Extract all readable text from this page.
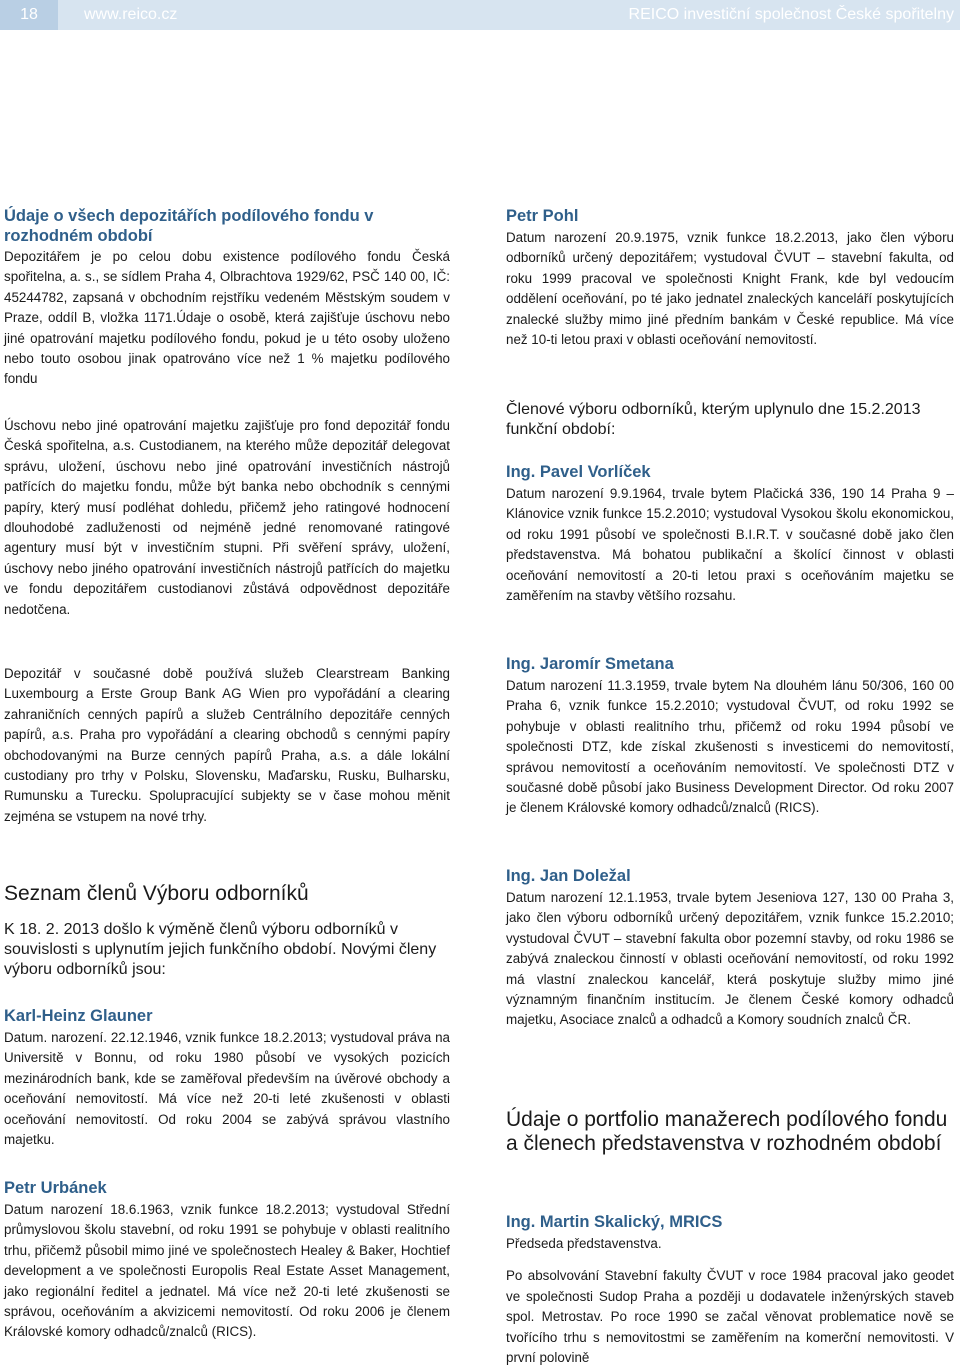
18	www.reico.cz	REICO investiční společnost České spořitelny
Údaje o všech depozitářích podílového fondu v rozhodném období

Depozitářem je po celou dobu existence podílového fondu Česká spořitelna, a. s., se sídlem Praha 4, Olbrachtova 1929/62, PSČ 140 00, IČ: 45244782, zapsaná v obchodním rejstříku vedeném Městským soudem v Praze, oddíl B, vložka 1171.Údaje o osobě, která zajišťuje úschovu nebo jiné opatrování majetku podílového fondu, pokud je u této osoby uloženo nebo touto osobou jinak opatrováno více než 1 % majetku podílového fondu

Úschovu nebo jiné opatrování majetku zajišťuje pro fond depozitář fondu Česká spořitelna, a.s. Custodianem, na kterého může depozitář delegovat správu, uložení, úschovu nebo jiné opatrování investičních nástrojů patřících do majetku fondu, může být banka nebo obchodník s cennými papíry, který musí podléhat dohledu, přičemž jeho ratingové hodnocení dlouhodobé zadluženosti od nejméně jedné renomované ratingové agentury musí být v investičním stupni. Při svěření správy, uložení, úschovy nebo jiného opatrování investičních nástrojů patřících do majetku ve fondu depozitářem custodianovi zůstává odpovědnost depozitáře nedotčena.

Depozitář v současné době používá služeb Clearstream Banking Luxembourg a Erste Group Bank AG Wien pro vypořádání a clearing zahraničních cenných papírů a služeb Centrálního depozitáře cenných papírů, a.s. Praha pro vypořádání a clearing obchodů s cennými papíry obchodovanými na Burze cenných papírů Praha, a.s. a dále lokální custodiany pro trhy v Polsku, Slovensku, Maďarsku, Rusku, Bulharsku, Rumunsku a Turecku. Spolupracující subjekty se v čase mohou měnit zejména se vstupem na nové trhy.

Seznam členů Výboru odborníků

K 18. 2. 2013 došlo k výměně členů výboru odborníků v souvislosti s uplynutím jejich funkčního období. Novými členy výboru odborníků jsou:

Karl-Heinz Glauner

Datum. narození. 22.12.1946, vznik funkce 18.2.2013; vystudoval práva na Universitě v Bonnu, od roku 1980 působí ve vysokých pozicích mezinárodních bank, kde se zaměřoval především na úvěrové obchody a oceňování nemovitostí. Má více než 20-ti leté zkušenosti v oblasti oceňování nemovitostí. Od roku 2004 se zabývá správou vlastního majetku.

Petr Urbánek

Datum narození 18.6.1963, vznik funkce 18.2.2013; vystudoval Střední průmyslovou školu stavební, od roku 1991 se pohybuje v oblasti realitního trhu, přičemž působil mimo jiné ve společnostech Healey & Baker, Hochtief development a ve společnosti Europolis Real Estate Asset Management, jako regionální ředitel a jednatel. Má více než 20-ti leté zkušenosti se správou, oceňováním a akvizicemi nemovitostí. Od roku 2006 je členem Královské komory odhadců/znalců (RICS).

Petr Pohl

Datum narození 20.9.1975, vznik funkce 18.2.2013, jako člen výboru odborníků určený depozitářem; vystudoval ČVUT – stavební fakulta, od roku 1999 pracoval ve společnosti Knight Frank, kde byl vedoucím oddělení oceňování, po té jako jednatel znaleckých kanceláří poskytujících znalecké služby mimo jiné předním bankám v České republice. Má více než 10-ti letou praxi v oblasti oceňování nemovitostí.

Členové výboru odborníků, kterým uplynulo dne 15.2.2013 funkční období:

Ing. Pavel Vorlíček

Datum narození 9.9.1964, trvale bytem Plačická 336, 190 14 Praha 9 – Klánovice vznik funkce 15.2.2010; vystudoval Vysokou školu ekonomickou, od roku 1991 působí ve společnosti B.I.R.T. v současné době jako člen představenstva. Má bohatou publikační a školící činnost v oblasti oceňování nemovitostí a 20-ti letou praxi s oceňováním majetku se zaměřením na stavby většího rozsahu.

Ing. Jaromír Smetana

Datum narození 11.3.1959, trvale bytem Na dlouhém lánu 50/306, 160 00 Praha 6, vznik funkce 15.2.2010; vystudoval ČVUT, od roku 1992 se pohybuje v oblasti realitního trhu, přičemž od roku 1994 působí ve společnosti DTZ, kde získal zkušenosti s investicemi do nemovitostí, správou nemovitostí a oceňováním nemovitostí. Ve společnosti DTZ v současné době působí jako Business Development Director. Od roku 2007 je členem Královské komory odhadců/znalců (RICS).

Ing. Jan Doležal

Datum narození 12.1.1953, trvale bytem Jeseniova 127, 130 00 Praha 3, jako člen výboru odborníků určený depozitářem, vznik funkce 15.2.2010; vystudoval ČVUT – stavební fakulta obor pozemní stavby, od roku 1986 se zabývá znaleckou činností v oblasti oceňování nemovitostí, od roku 1992 má vlastní znaleckou kancelář, která poskytuje služby mimo jiné významným finančním institucím. Je členem České komory odhadců majetku, Asociace znalců a odhadců a Komory soudních znalců ČR.

Údaje o portfolio manažerech podílového fondu a členech představenstva v rozhodném období
Ing. Martin Skalický, MRICS

Předseda představenstva.

Po absolvování Stavební fakulty ČVUT v roce 1984 pracoval jako geodet ve společnosti Sudop Praha a později u dodavatele inženýrských staveb spol. Metrostav. Po roce 1990 se začal věnovat problematice nově se tvořícího trhu s nemovitostmi se zaměřením na komerční nemovitosti. V první polovině
